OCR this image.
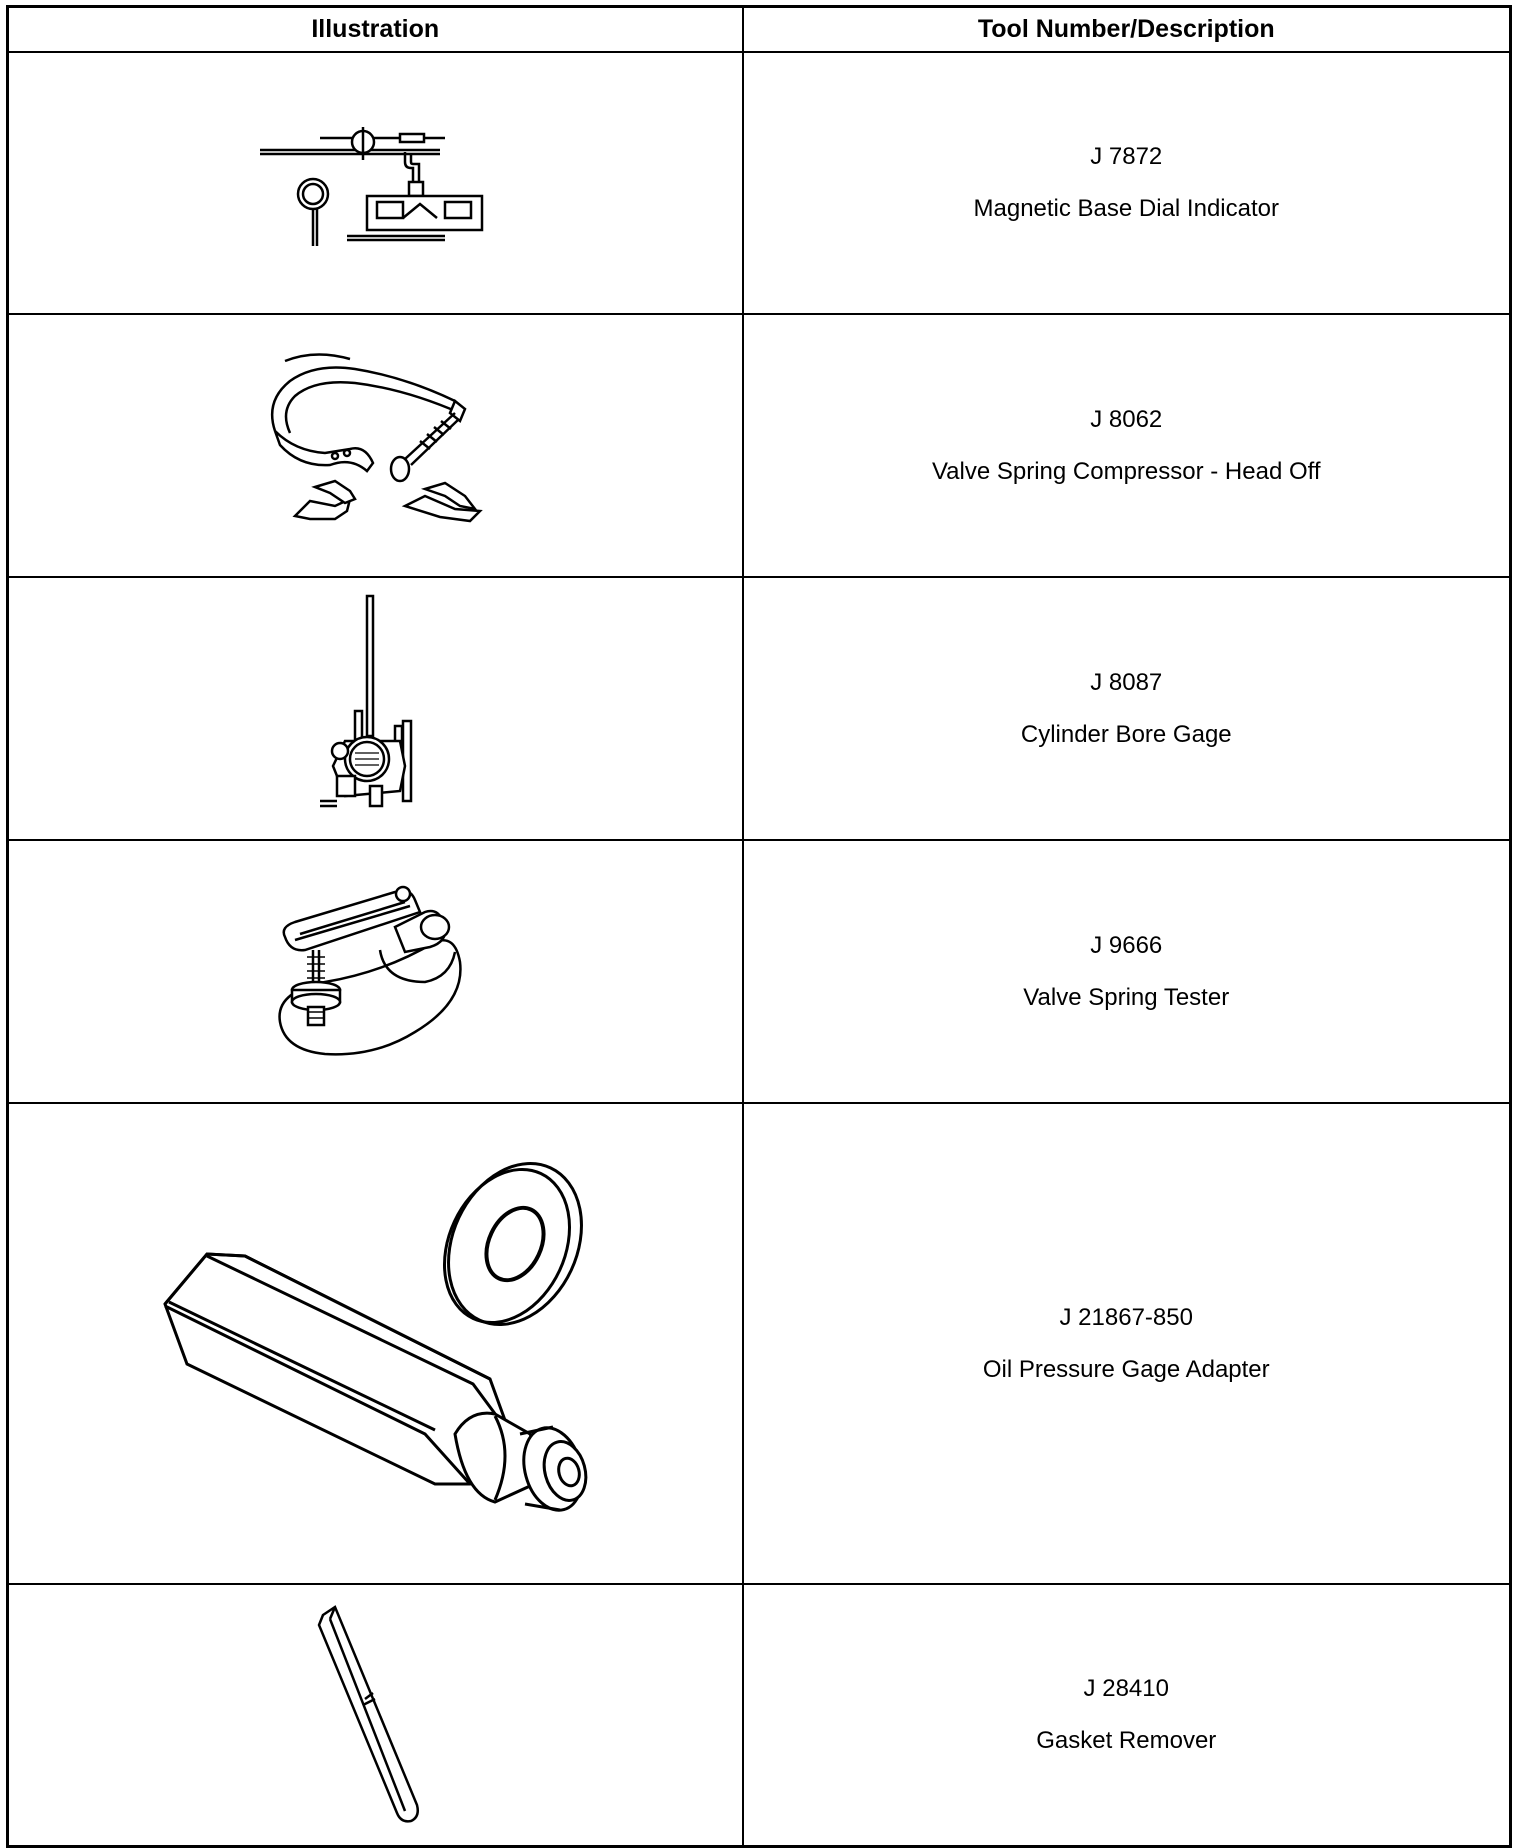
Illustration	Tool Number/Description

J 7872
Magnetic Base Dial Indicator

J 8062
Valve Spring Compressor - Head Off

J 8087
Cylinder Bore Gage

J 9666
Valve Spring Tester

J 21867-850
Oil Pressure Gage Adapter

J 28410
Gasket Remover
